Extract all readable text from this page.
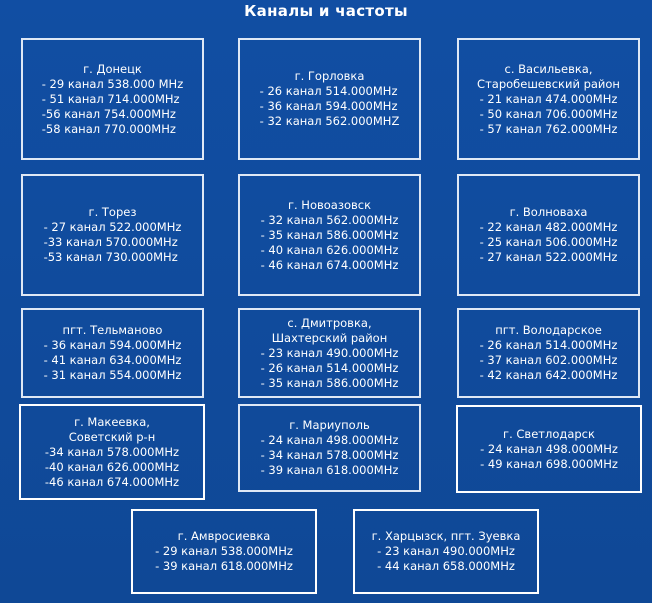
Каналы и частоты
г. Донецк
- 29 канал 538.000 MHz
- 51 канал 714.000MHz
-56 канал 754.000MHz
-58 канал 770.000MHz
г. Горловка
- 26 канал 514.000MHz
- 36 канал 594.000MHz
- 32 канал 562.000MHZ
с. Васильевка,
Старобешевский район
- 21 канал 474.000MHz
- 50 канал 706.000MHz
- 57 канал 762.000MHz
г. Торез
- 27 канал 522.000MHz
-33 канал 570.000MHz
-53 канал 730.000MHz
г. Новоазовск
- 32 канал 562.000MHz
- 35 канал 586.000MHz
- 40 канал 626.000MHz
- 46 канал 674.000MHz
г. Волноваха
- 22 канал 482.000MHz
- 25 канал 506.000MHz
- 27 канал 522.000MHz
пгт. Тельманово
- 36 канал 594.000MHz
- 41 канал 634.000MHz
- 31 канал 554.000MHz
с. Дмитровка,
Шахтерский район
- 23 канал 490.000MHz
- 26 канал 514.000MHz
- 35 канал 586.000MHz
пгт. Володарское
- 26 канал 514.000MHz
- 37 канал 602.000MHz
- 42 канал 642.000MHz
г. Макеевка,
Советский р-н
-34 канал 578.000MHz
-40 канал 626.000MHz
-46 канал 674.000MHz
г. Мариуполь
- 24 канал 498.000MHz
- 34 канал 578.000MHz
- 39 канал 618.000MHz
г. Светлодарск
- 24 канал 498.000MHz
- 49 канал 698.000MHz
г. Амвросиевка
- 29 канал 538.000MHz
- 39 канал 618.000MHz
г. Харцызск, пгт. Зуевка
- 23 канал 490.000MHz
- 44 канал 658.000MHz
